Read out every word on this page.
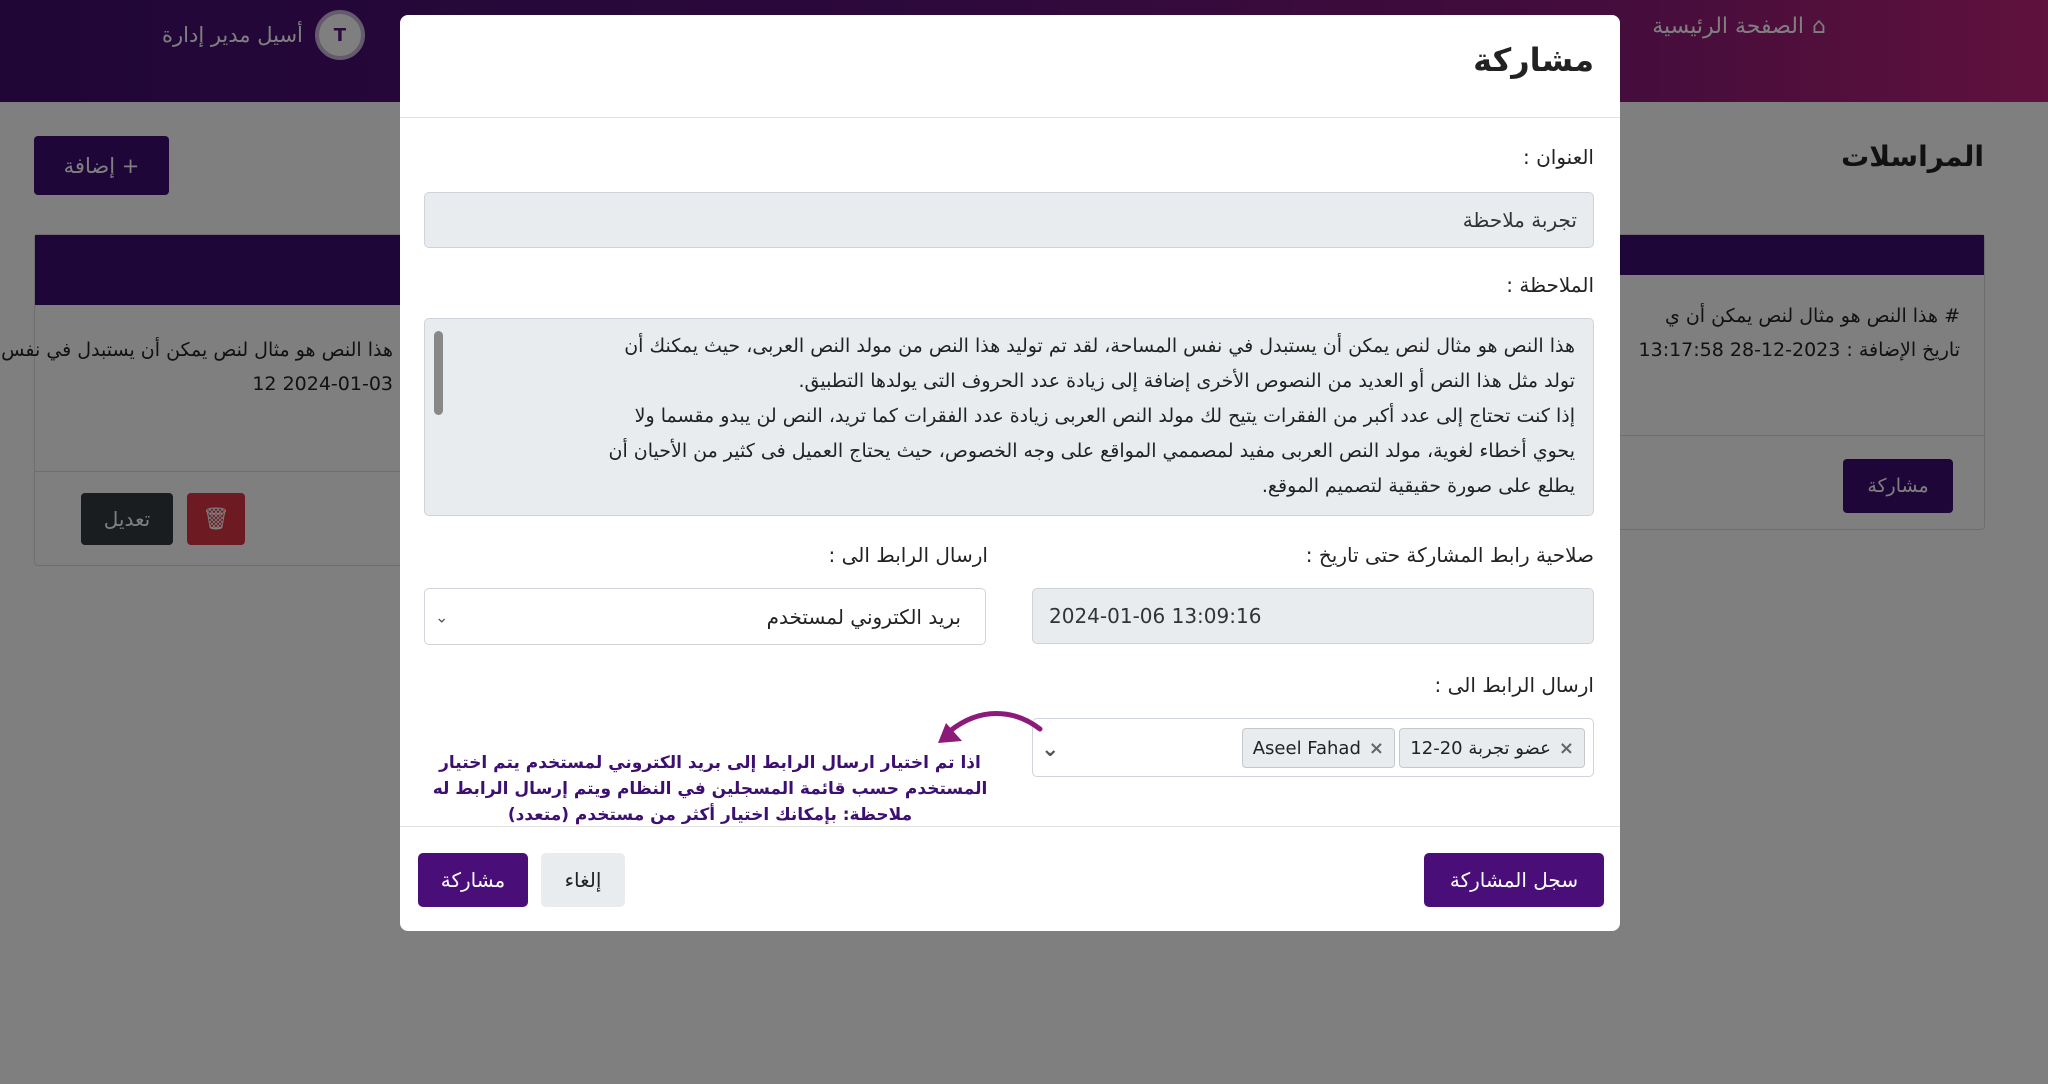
مشاركة
العنوان :
تجربة ملاحظة
الملاحظة :
هذا النص هو مثال لنص يمكن أن يستبدل في نفس المساحة، لقد تم توليد هذا النص من مولد النص العربى، حيث يمكنك أن
تولد مثل هذا النص أو العديد من النصوص الأخرى إضافة إلى زيادة عدد الحروف التى يولدها التطبيق.
إذا كنت تحتاج إلى عدد أكبر من الفقرات يتيح لك مولد النص العربى زيادة عدد الفقرات كما تريد، النص لن يبدو مقسما ولا
يحوي أخطاء لغوية، مولد النص العربى مفيد لمصممي المواقع على وجه الخصوص، حيث يحتاج العميل فى كثير من الأحيان أن
يطلع على صورة حقيقية لتصميم الموقع.
صلاحية رابط المشاركة حتى تاريخ :
2024-01-06 13:09:16
ارسال الرابط الى :
بريد الكتروني لمستخدم
⌄
ارسال الرابط الى :
×
عضو تجربة 20-12
×
Aseel Fahad
⌄
اذا تم اختيار ارسال الرابط إلى بريد الكتروني لمستخدم يتم اختيار
المستخدم حسب قائمة المسجلين في النظام ويتم إرسال الرابط له
ملاحظة: بإمكانك اختيار أكثر من مستخدم (متعدد)
سجل المشاركة
إلغاء
مشاركة
